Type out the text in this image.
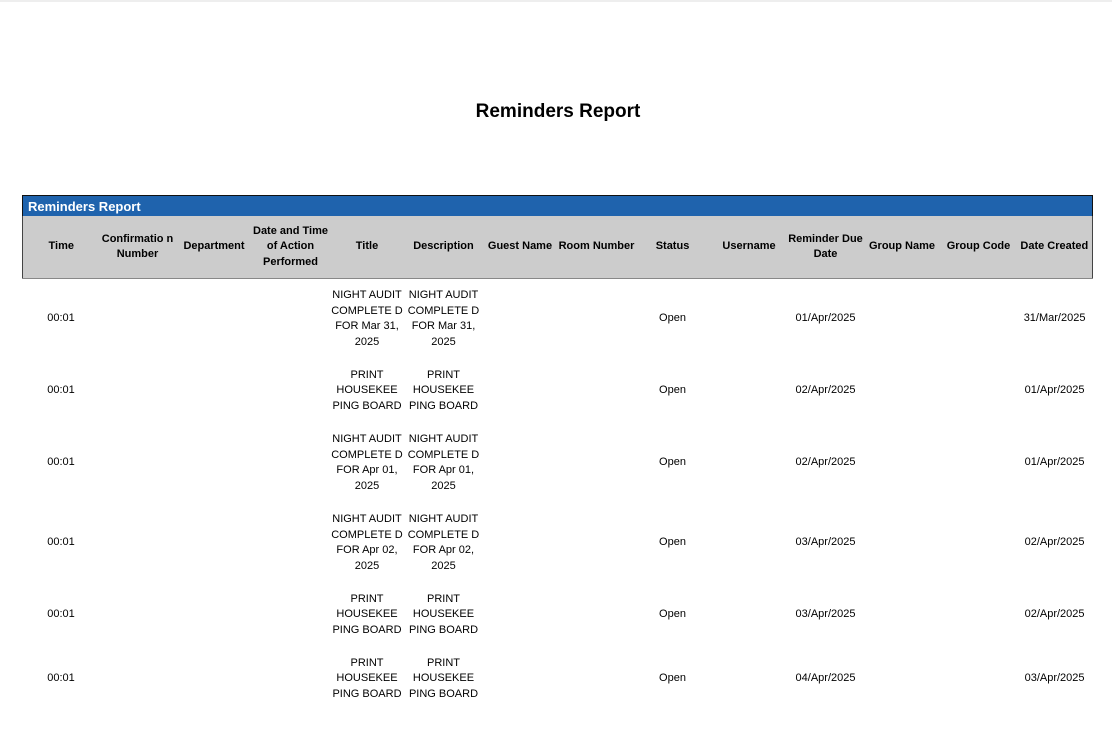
Reminders Report
Reminders Report													
Time	Confirmatio n Number	Department	Date and Time of Action Performed	Title	Description	Guest Name	Room Number	Status	Username	Reminder Due Date	Group Name	Group Code	Date Created
00:01				NIGHT AUDIT COMPLETE D FOR Mar 31, 2025	NIGHT AUDIT COMPLETE D FOR Mar 31, 2025			Open		01/Apr/2025			31/Mar/2025
00:01				PRINT HOUSEKEE PING BOARD	PRINT HOUSEKEE PING BOARD			Open		02/Apr/2025			01/Apr/2025
00:01				NIGHT AUDIT COMPLETE D FOR Apr 01, 2025	NIGHT AUDIT COMPLETE D FOR Apr 01, 2025			Open		02/Apr/2025			01/Apr/2025
00:01				NIGHT AUDIT COMPLETE D FOR Apr 02, 2025	NIGHT AUDIT COMPLETE D FOR Apr 02, 2025			Open		03/Apr/2025			02/Apr/2025
00:01				PRINT HOUSEKEE PING BOARD	PRINT HOUSEKEE PING BOARD			Open		03/Apr/2025			02/Apr/2025
00:01				PRINT HOUSEKEE PING BOARD	PRINT HOUSEKEE PING BOARD			Open		04/Apr/2025			03/Apr/2025
